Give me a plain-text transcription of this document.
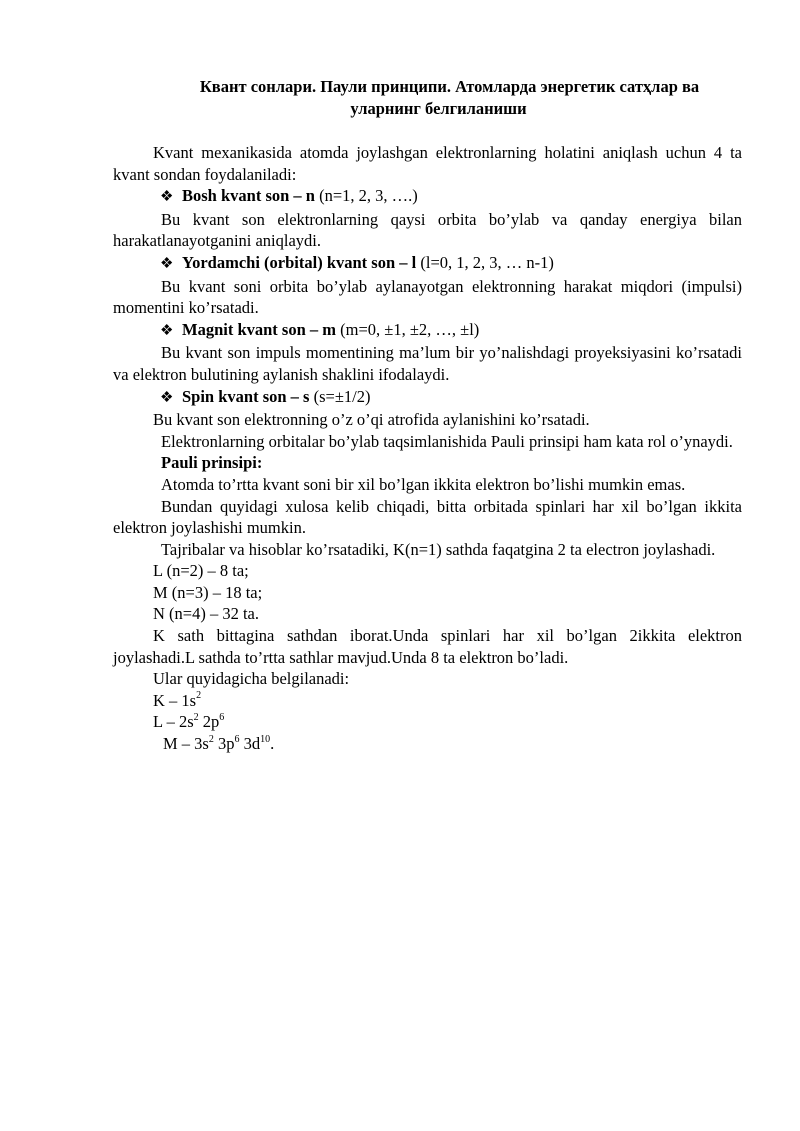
Квант сонлари. Паули принципи. Атомларда энергетик сатҳлар ва
уларнинг белгиланиши

Kvant mexanikasida atomda joylashgan elektronlarning holatini aniqlash uchun 4 ta kvant sondan foydalaniladi:

❖ Bosh kvant son – n (n=1, 2, 3, ….)

Bu kvant son elektronlarning qaysi orbita bo’ylab va qanday energiya bilan harakatlanayotganini aniqlaydi.

❖ Yordamchi (orbital) kvant son – l (l=0, 1, 2, 3, … n-1)

Bu kvant soni orbita bo’ylab aylanayotgan elektronning harakat miqdori (impulsi) momentini ko’rsatadi.

❖ Magnit kvant son – m (m=0, ±1, ±2, …, ±l)

Bu kvant son impuls momentining ma’lum bir yo’nalishdagi proyeksiyasini ko’rsatadi va elektron bulutining aylanish shaklini ifodalaydi.

❖ Spin kvant son – s (s=±1/2)

Bu kvant son elektronning o’z o’qi atrofida aylanishini ko’rsatadi.

Elektronlarning orbitalar bo’ylab taqsimlanishida Pauli prinsipi ham kata rol o’ynaydi.

Pauli prinsipi:

Atomda to’rtta kvant soni bir xil bo’lgan ikkita elektron bo’lishi mumkin emas.

Bundan quyidagi xulosa kelib chiqadi, bitta orbitada spinlari har xil bo’lgan ikkita elektron joylashishi mumkin.

Tajribalar va hisoblar ko’rsatadiki, K(n=1) sathda faqatgina 2 ta electron joylashadi.

L (n=2) – 8 ta;

M (n=3) – 18 ta;

N (n=4) – 32 ta.

K sath bittagina sathdan iborat.Unda spinlari har xil bo’lgan 2ikkita elektron joylashadi.L sathda to’rtta sathlar mavjud.Unda 8 ta elektron bo’ladi.

Ular quyidagicha belgilanadi:

K – $1s^2$

L – $2s^2$ $2p^6$

M – $3s^2$ $3p^6$ $3d^{10}$.
